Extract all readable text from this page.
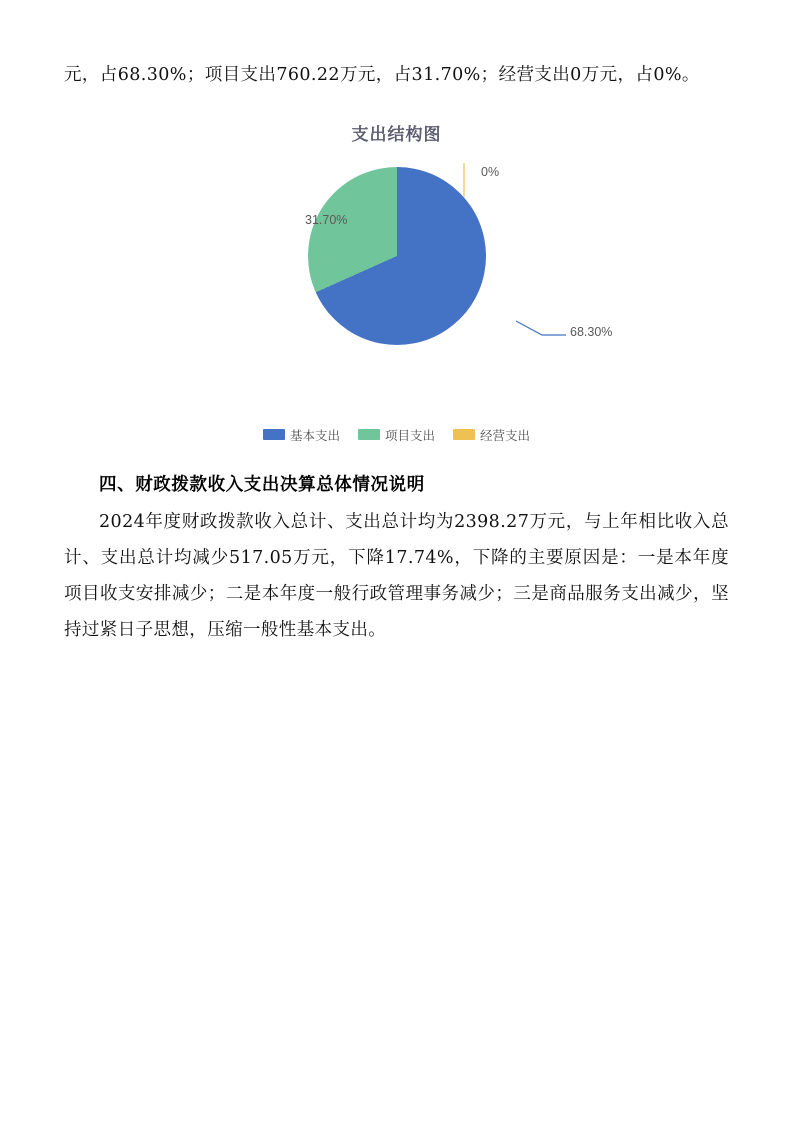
元，占68.30%；项目支出760.22万元，占31.70%；经营支出0万元，占0%。

支出结构图
0%
31.70%
68.30%
基本支出	项目支出	经营支出
四、财政拨款收入支出决算总体情况说明

2024年度财政拨款收入总计、支出总计均为2398.27万元，与上年相比收入总计、支出总计均减少517.05万元，下降17.74%，下降的主要原因是：一是本年度项目收支安排减少；二是本年度一般行政管理事务减少；三是商品服务支出减少，坚持过紧日子思想，压缩一般性基本支出。
